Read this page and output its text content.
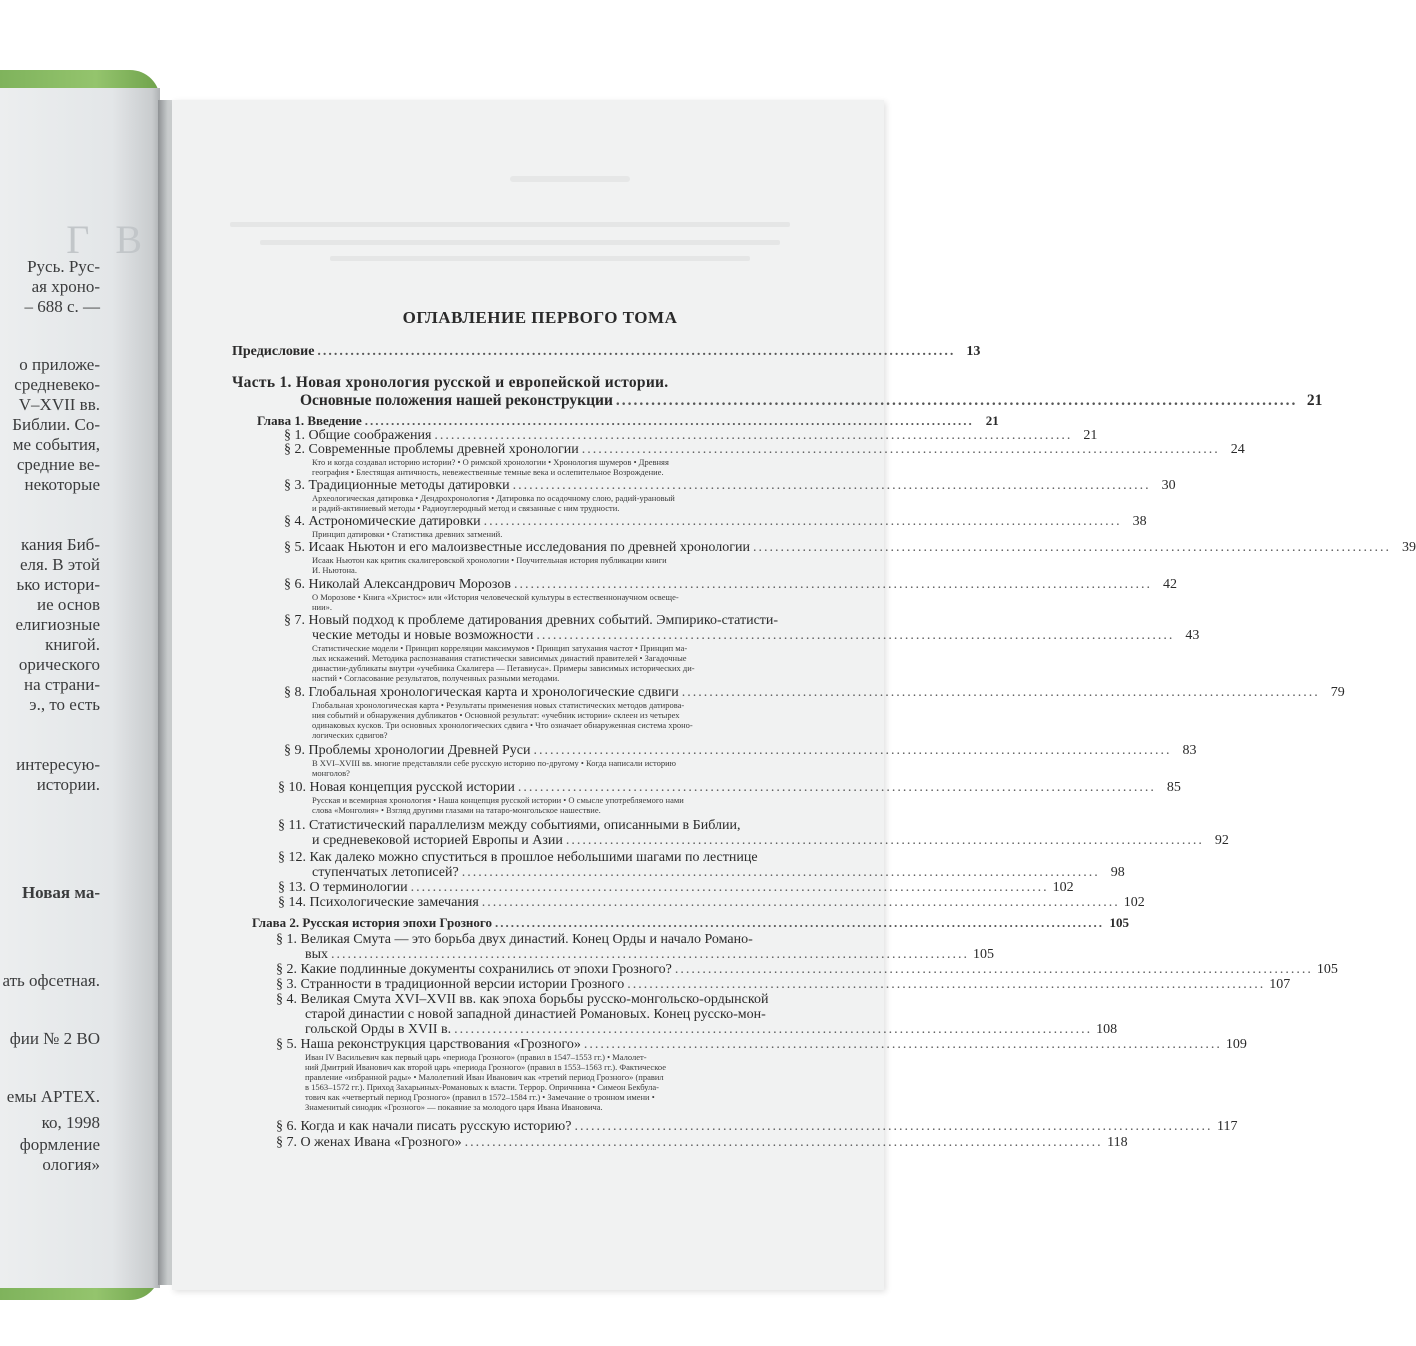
Г В
Русь. Рус-
ая хроно-
– 688 с. —
о приложе-
средневеко-
V–XVII вв.
Библии. Со-
ме события,
средние ве-
некоторые
кания Биб-
еля. В этой
ько истори-
ие основ
елигиозные
книгой.
орического
на страни-
э., то есть
интересую-
истории.
Новая ма-
ать офсетная.
фии № 2 ВО
емы АРТЕХ.
ко, 1998
формление
ология»
ОГЛАВЛЕНИЕ ПЕРВОГО ТОМА
Предисловие .................................................................................................................... 13
Часть 1. Новая хронология русской и европейской истории.
Основные положения нашей реконструкции .................................................................................................................... 21
Глава 1. Введение .................................................................................................................... 21
§ 1. Общие соображения .................................................................................................................... 21
§ 2. Современные проблемы древней хронологии .................................................................................................................... 24
Кто и когда создавал историю истории? • О римской хронологии • Хронология шумеров • Древняя
география • Блестящая античность, невежественные темные века и ослепительное Возрождение.
§ 3. Традиционные методы датировки .................................................................................................................... 30
Археологическая датировка • Дендрохронология • Датировка по осадочному слою, радий-урановый
и радий-актиниевый методы • Радиоуглеродный метод и связанные с ним трудности.
§ 4. Астрономические датировки .................................................................................................................... 38
Принцип датировки • Статистика древних затмений.
§ 5. Исаак Ньютон и его малоизвестные исследования по древней хронологии .................................................................................................................... 39
Исаак Ньютон как критик скалигеровской хронологии • Поучительная история публикации книги
И. Ньютона.
§ 6. Николай Александрович Морозов .................................................................................................................... 42
О Морозове • Книга «Христос» или «История человеческой культуры в естественнонаучном освеще-
нии».
§ 7. Новый подход к проблеме датирования древних событий. Эмпирико-статисти-
ческие методы и новые возможности .................................................................................................................... 43
Статистические модели • Принцип корреляции максимумов • Принцип затухания частот • Принцип ма-
лых искажений. Методика распознавания статистически зависимых династий правителей • Загадочные
династии-дубликаты внутри «учебника Скалигера — Петавиуса». Примеры зависимых исторических ди-
настий • Согласование результатов, полученных разными методами.
§ 8. Глобальная хронологическая карта и хронологические сдвиги .................................................................................................................... 79
Глобальная хронологическая карта • Результаты применения новых статистических методов датирова-
ния событий и обнаружения дубликатов • Основной результат: «учебник истории» склеен из четырех
одинаковых кусков. Три основных хронологических сдвига • Что означает обнаруженная система хроно-
логических сдвигов?
§ 9. Проблемы хронологии Древней Руси .................................................................................................................... 83
В XVI–XVIII вв. многие представляли себе русскую историю по-другому • Когда написали историю
монголов?
§ 10. Новая концепция русской истории .................................................................................................................... 85
Русская и всемирная хронология • Наша концепция русской истории • О смысле употребляемого нами
слова «Монголия» • Взгляд другими глазами на татаро-монгольское нашествие.
§ 11. Статистический параллелизм между событиями, описанными в Библии,
и средневековой историей Европы и Азии .................................................................................................................... 92
§ 12. Как далеко можно спуститься в прошлое небольшими шагами по лестнице
ступенчатых летописей? .................................................................................................................... 98
§ 13. О терминологии .................................................................................................................... 102
§ 14. Психологические замечания .................................................................................................................... 102
Глава 2. Русская история эпохи Грозного .................................................................................................................... 105
§ 1. Великая Смута — это борьба двух династий. Конец Орды и начало Романо-
вых .................................................................................................................... 105
§ 2. Какие подлинные документы сохранились от эпохи Грозного? .................................................................................................................... 105
§ 3. Странности в традиционной версии истории Грозного .................................................................................................................... 107
§ 4. Великая Смута XVI–XVII вв. как эпоха борьбы русско-монгольско-ордынской
старой династии с новой западной династией Романовых. Конец русско-мон-
гольской Орды в XVII в. .................................................................................................................... 108
§ 5. Наша реконструкция царствования «Грозного» .................................................................................................................... 109
Иван IV Васильевич как первый царь «периода Грозного» (правил в 1547–1553 гг.) • Малолет-
ний Дмитрий Иванович как второй царь «периода Грозного» (правил в 1553–1563 гг.). Фактическое
правление «избранной рады» • Малолетний Иван Иванович как «третий период Грозного» (правил
в 1563–1572 гг.). Приход Захарьиных-Романовых к власти. Террор. Опричнина • Симеон Бекбула-
тович как «четвертый период Грозного» (правил в 1572–1584 гг.) • Замечание о тронном имени •
Знаменитый синодик «Грозного» — покаяние за молодого царя Ивана Ивановича.
§ 6. Когда и как начали писать русскую историю? .................................................................................................................... 117
§ 7. О женах Ивана «Грозного» .................................................................................................................... 118
